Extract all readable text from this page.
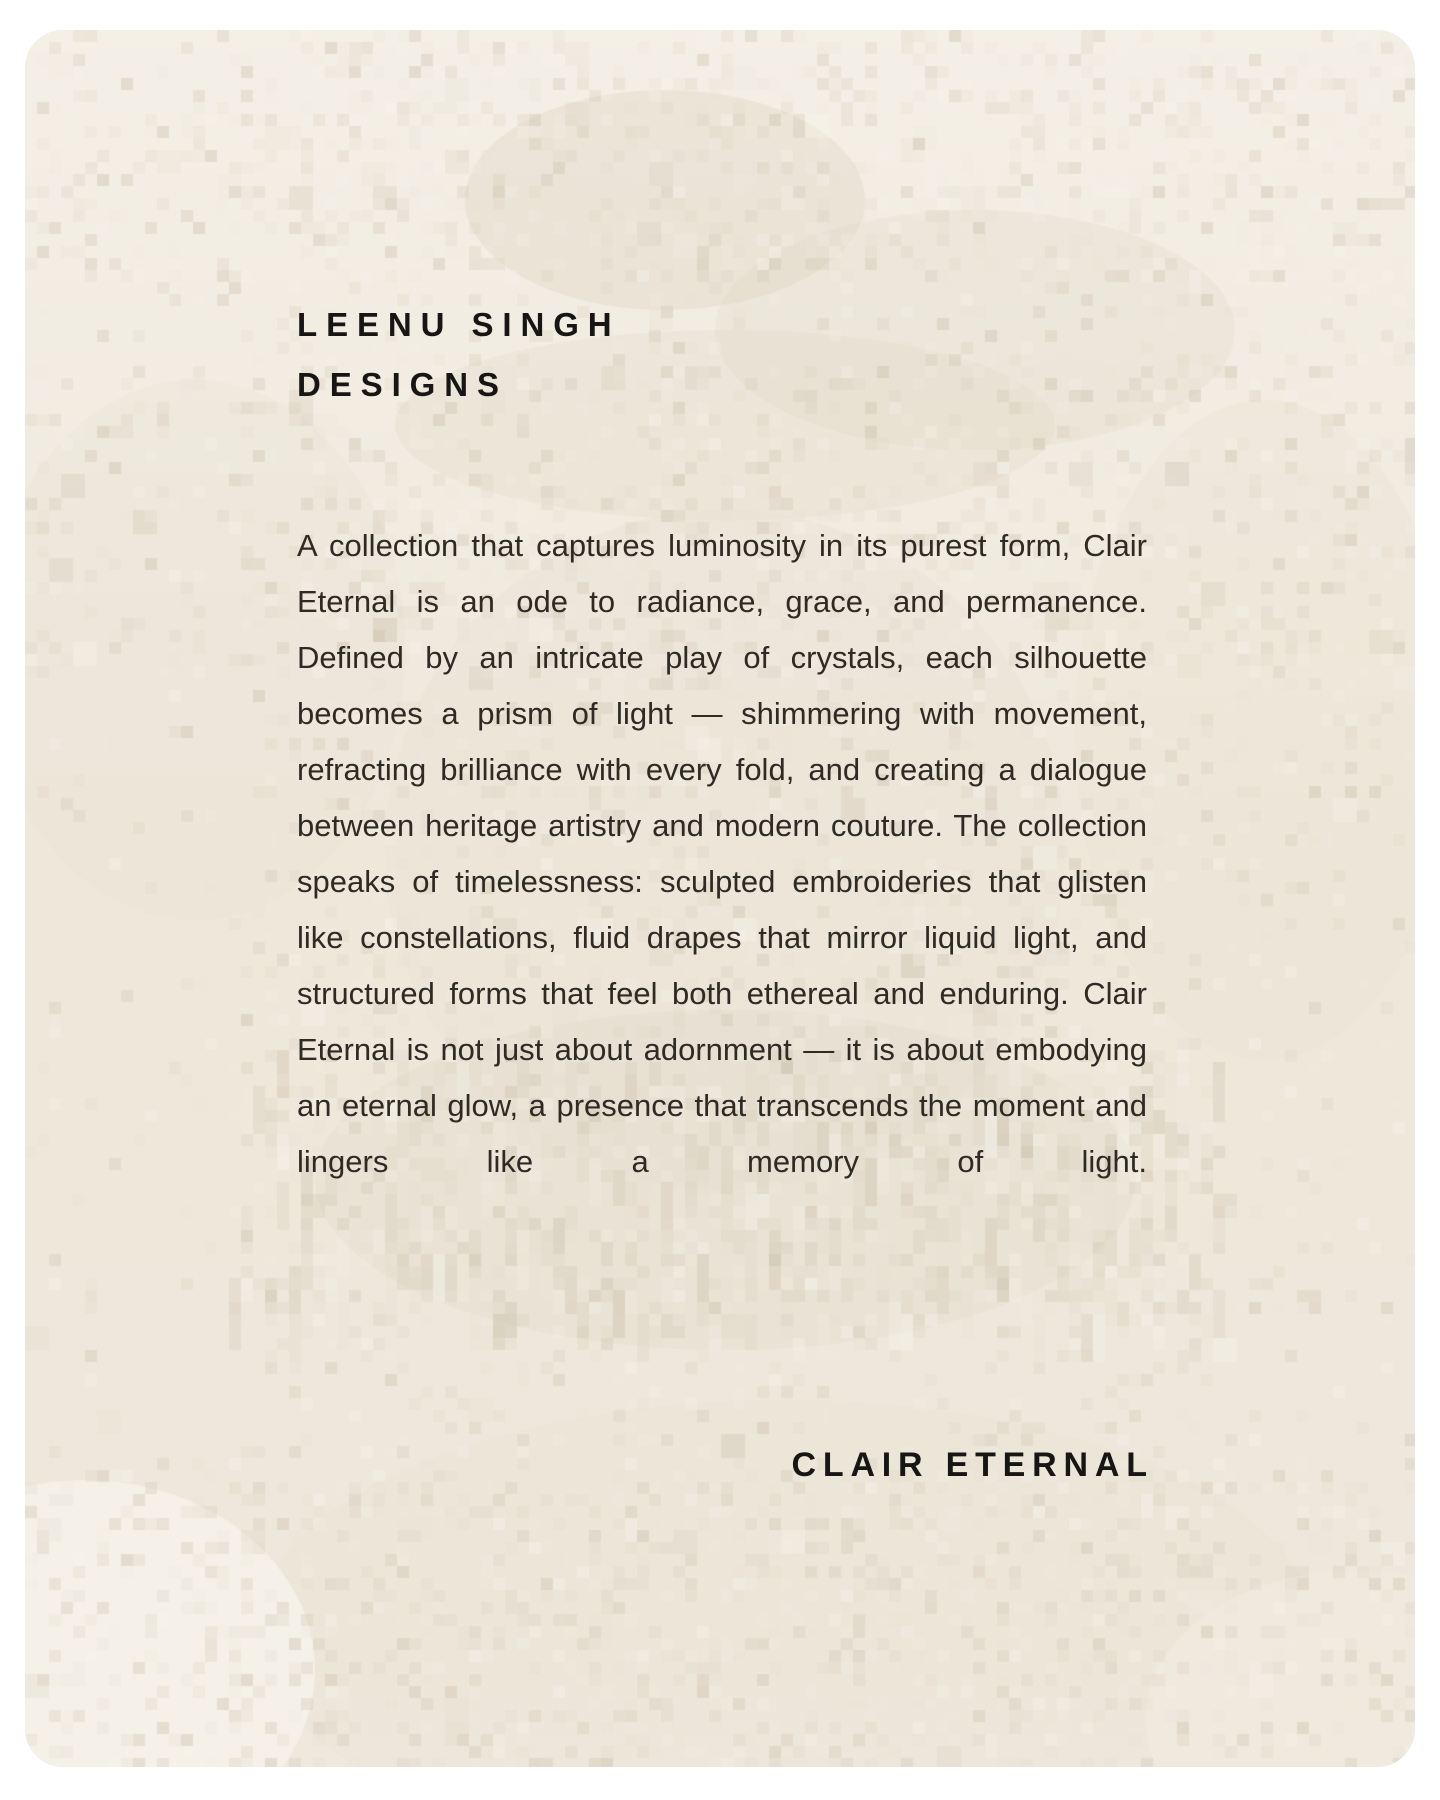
LEENU SINGH
DESIGNS

A collection that captures luminosity in its purest form, Clair Eternal is an ode to radiance, grace, and permanence. Defined by an intricate play of crystals, each silhouette becomes a prism of light — shimmering with movement, refracting brilliance with every fold, and creating a dialogue between heritage artistry and modern couture. The collection speaks of timelessness: sculpted embroideries that glisten like constellations, fluid drapes that mirror liquid light, and structured forms that feel both ethereal and enduring. Clair Eternal is not just about adornment — it is about embodying an eternal glow, a presence that transcends the moment and lingers like a memory of light.

CLAIR ETERNAL
